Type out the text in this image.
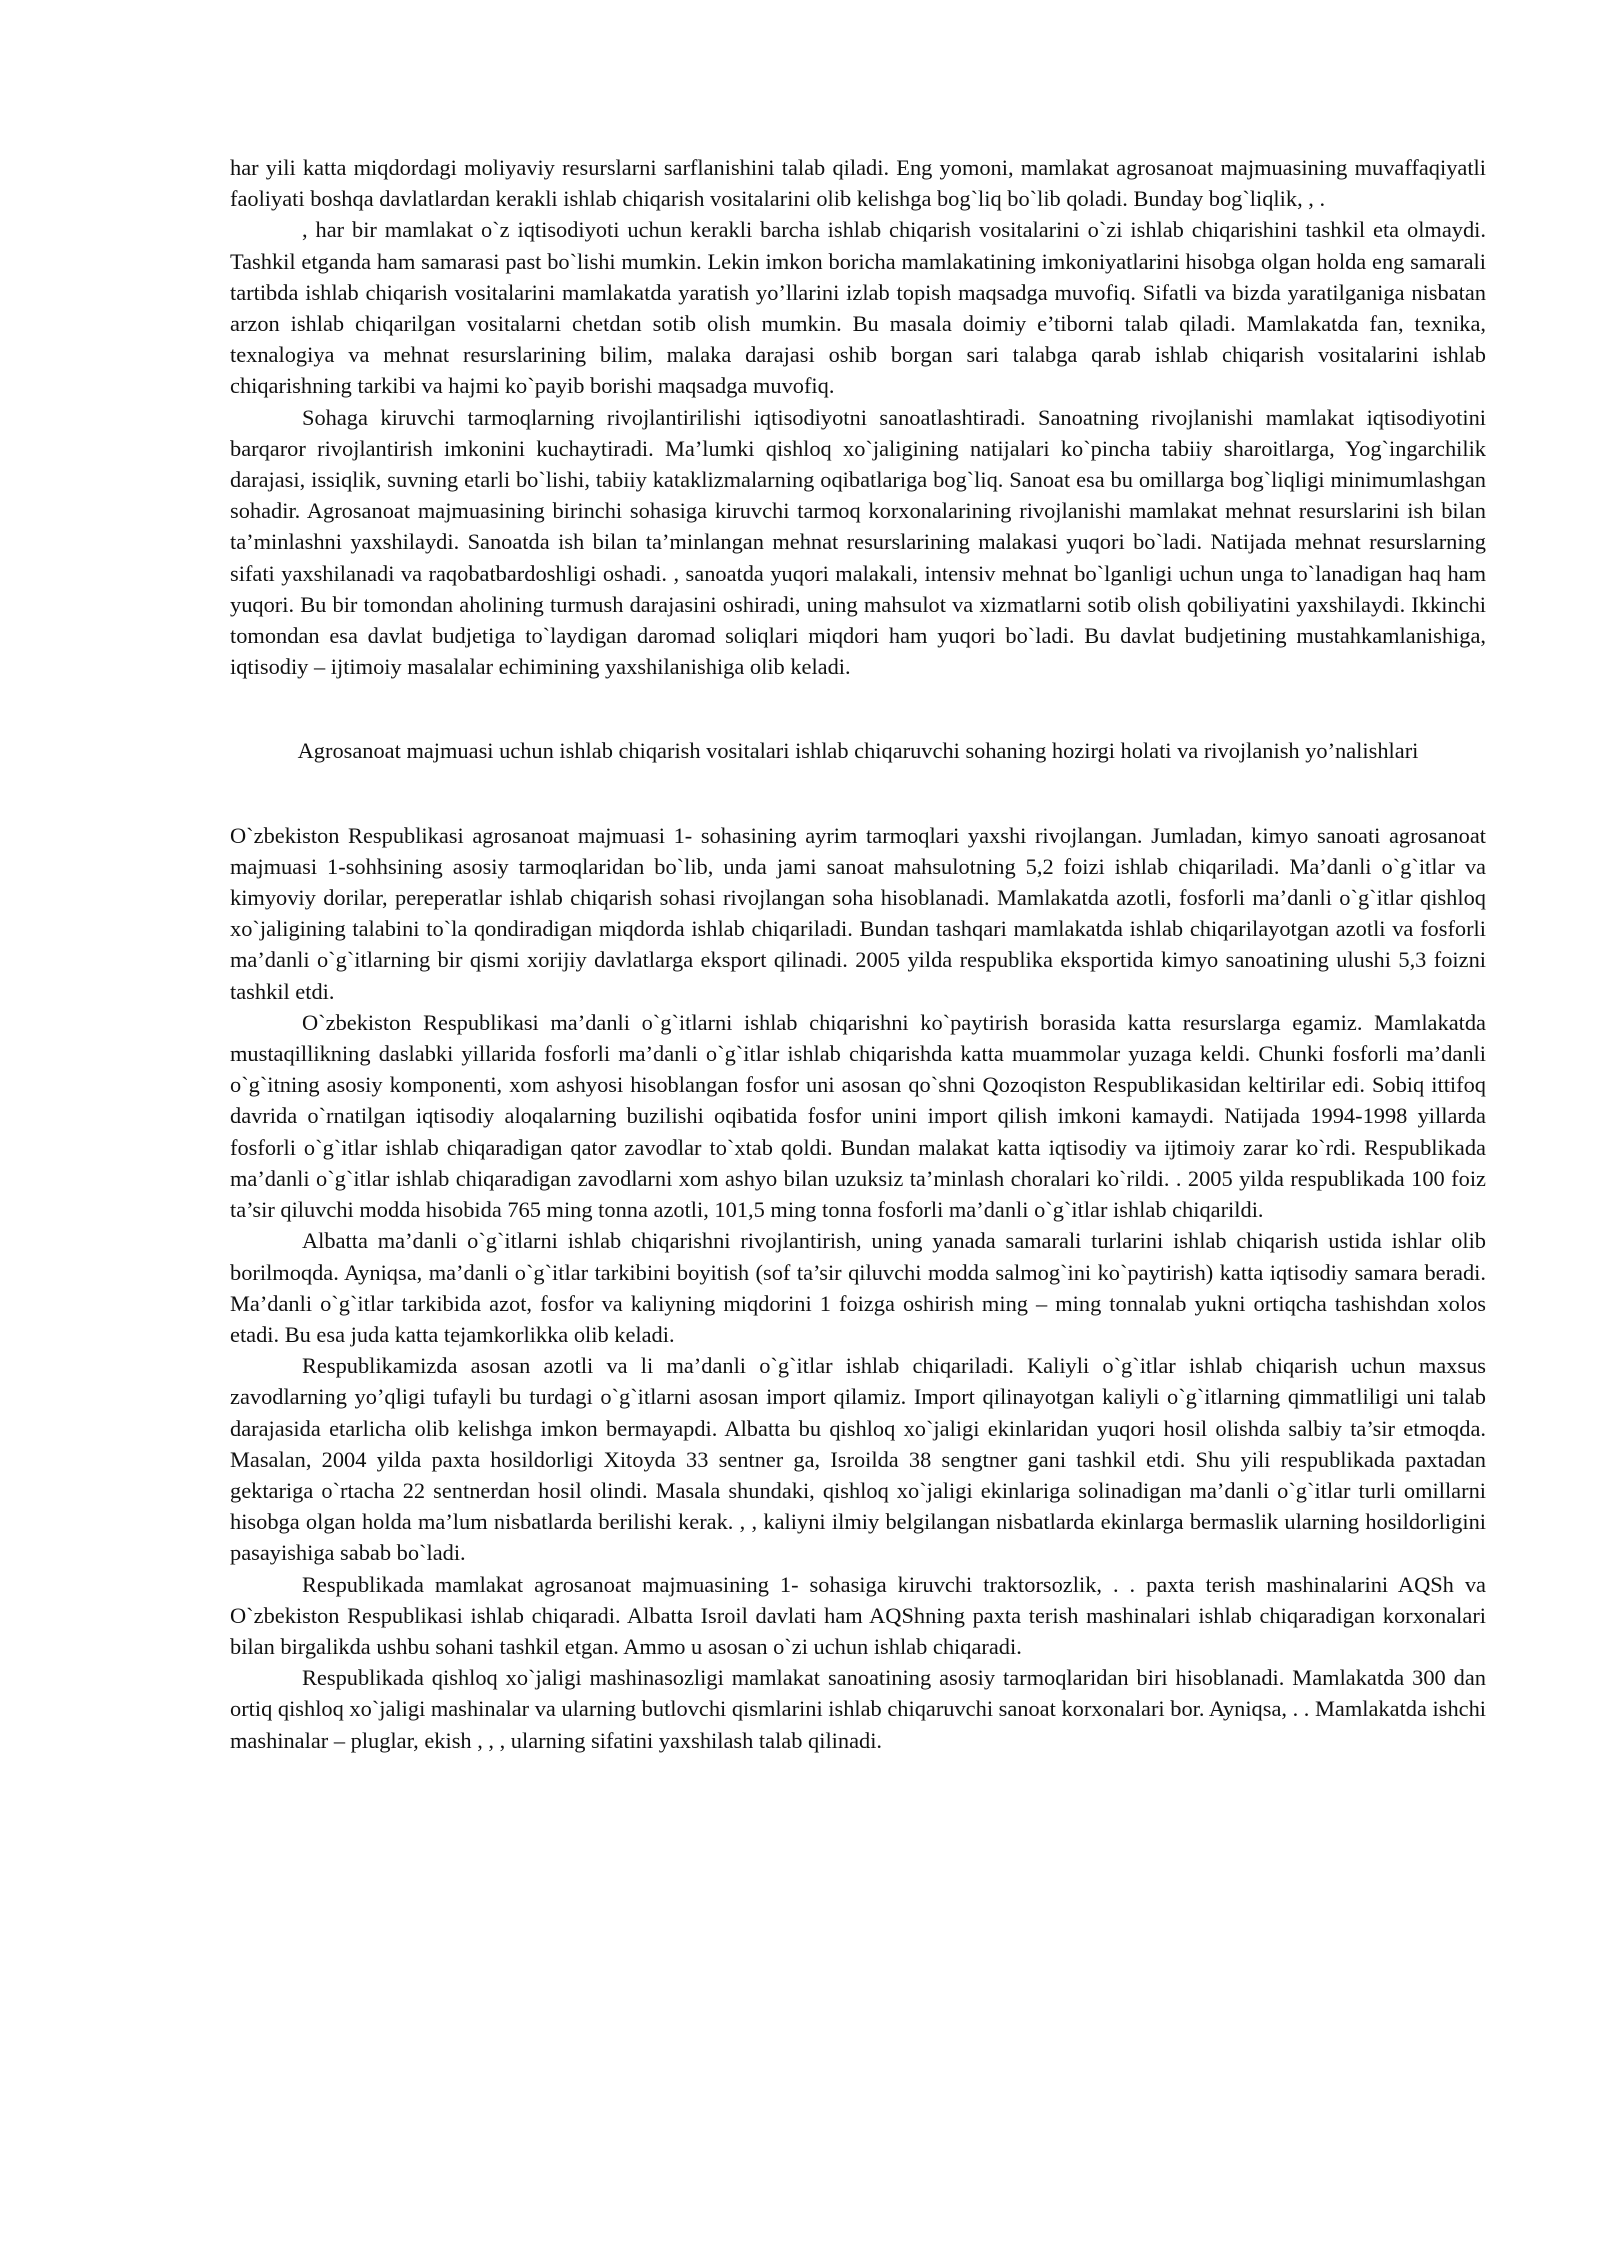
har yili katta miqdordagi moliyaviy resurslarni sarflanishini talab qiladi. Eng yomoni, mamlakat agrosanoat majmuasining muvaffaqiyatli faoliyati boshqa davlatlardan kerakli ishlab chiqarish vositalarini olib kelishga bog`liq bo`lib qoladi. Bunday bog`liqlik, , .

, har bir mamlakat o`z iqtisodiyoti uchun kerakli barcha ishlab chiqarish vositalarini o`zi ishlab chiqarishini tashkil eta olmaydi. Tashkil etganda ham samarasi past bo`lishi mumkin. Lekin imkon boricha mamlakatining imkoniyatlarini hisobga olgan holda eng samarali tartibda ishlab chiqarish vositalarini mamlakatda yaratish yo’llarini izlab topish maqsadga muvofiq. Sifatli va bizda yaratilganiga nisbatan arzon ishlab chiqarilgan vositalarni chetdan sotib olish mumkin. Bu masala doimiy e’tiborni talab qiladi. Mamlakatda fan, texnika, texnalogiya va mehnat resurslarining bilim, malaka darajasi oshib borgan sari talabga qarab ishlab chiqarish vositalarini ishlab chiqarishning tarkibi va hajmi ko`payib borishi maqsadga muvofiq.

Sohaga kiruvchi tarmoqlarning rivojlantirilishi iqtisodiyotni sanoatlashtiradi. Sanoatning rivojlanishi mamlakat iqtisodiyotini barqaror rivojlantirish imkonini kuchaytiradi. Ma’lumki qishloq xo`jaligining natijalari ko`pincha tabiiy sharoitlarga, Yog`ingarchilik darajasi, issiqlik, suvning etarli bo`lishi, tabiiy kataklizmalarning oqibatlariga bog`liq. Sanoat esa bu omillarga bog`liqligi minimumlashgan sohadir. Agrosanoat majmuasining birinchi sohasiga kiruvchi tarmoq korxonalarining rivojlanishi mamlakat mehnat resurslarini ish bilan ta’minlashni yaxshilaydi. Sanoatda ish bilan ta’minlangan mehnat resurslarining malakasi yuqori bo`ladi. Natijada mehnat resurslarning sifati yaxshilanadi va raqobatbardoshligi oshadi. , sanoatda yuqori malakali, intensiv mehnat bo`lganligi uchun unga to`lanadigan haq ham yuqori. Bu bir tomondan aholining turmush darajasini oshiradi, uning mahsulot va xizmatlarni sotib olish qobiliyatini yaxshilaydi. Ikkinchi tomondan esa davlat budjetiga to`laydigan daromad soliqlari miqdori ham yuqori bo`ladi. Bu davlat budjetining mustahkamlanishiga, iqtisodiy – ijtimoiy masalalar echimining yaxshilanishiga olib keladi.

Agrosanoat majmuasi uchun ishlab chiqarish vositalari ishlab chiqaruvchi sohaning hozirgi holati va rivojlanish yo’nalishlari

O`zbekiston Respublikasi agrosanoat majmuasi 1- sohasining ayrim tarmoqlari yaxshi rivojlangan. Jumladan, kimyo sanoati agrosanoat majmuasi 1-sohhsining asosiy tarmoqlaridan bo`lib, unda jami sanoat mahsulotning 5,2 foizi ishlab chiqariladi. Ma’danli o`g`itlar va kimyoviy dorilar, pereperatlar ishlab chiqarish sohasi rivojlangan soha hisoblanadi. Mamlakatda azotli, fosforli ma’danli o`g`itlar qishloq xo`jaligining talabini to`la qondiradigan miqdorda ishlab chiqariladi. Bundan tashqari mamlakatda ishlab chiqarilayotgan azotli va fosforli ma’danli o`g`itlarning bir qismi xorijiy davlatlarga eksport qilinadi. 2005 yilda respublika eksportida kimyo sanoatining ulushi 5,3 foizni tashkil etdi.

O`zbekiston Respublikasi ma’danli o`g`itlarni ishlab chiqarishni ko`paytirish borasida katta resurslarga egamiz. Mamlakatda mustaqillikning daslabki yillarida fosforli ma’danli o`g`itlar ishlab chiqarishda katta muammolar yuzaga keldi. Chunki fosforli ma’danli o`g`itning asosiy komponenti, xom ashyosi hisoblangan fosfor uni asosan qo`shni Qozoqiston Respublikasidan keltirilar edi. Sobiq ittifoq davrida o`rnatilgan iqtisodiy aloqalarning buzilishi oqibatida fosfor unini import qilish imkoni kamaydi. Natijada 1994-1998 yillarda fosforli o`g`itlar ishlab chiqaradigan qator zavodlar to`xtab qoldi. Bundan malakat katta iqtisodiy va ijtimoiy zarar ko`rdi. Respublikada ma’danli o`g`itlar ishlab chiqaradigan zavodlarni xom ashyo bilan uzuksiz ta’minlash choralari ko`rildi. . 2005 yilda respublikada 100 foiz ta’sir qiluvchi modda hisobida 765 ming tonna azotli, 101,5 ming tonna fosforli ma’danli o`g`itlar ishlab chiqarildi.

Albatta ma’danli o`g`itlarni ishlab chiqarishni rivojlantirish, uning yanada samarali turlarini ishlab chiqarish ustida ishlar olib borilmoqda. Ayniqsa, ma’danli o`g`itlar tarkibini boyitish (sof ta’sir qiluvchi modda salmog`ini ko`paytirish) katta iqtisodiy samara beradi. Ma’danli o`g`itlar tarkibida azot, fosfor va kaliyning miqdorini 1 foizga oshirish ming – ming tonnalab yukni ortiqcha tashishdan xolos etadi. Bu esa juda katta tejamkorlikka olib keladi.

Respublikamizda asosan azotli va li ma’danli o`g`itlar ishlab chiqariladi. Kaliyli o`g`itlar ishlab chiqarish uchun maxsus zavodlarning yo’qligi tufayli bu turdagi o`g`itlarni asosan import qilamiz. Import qilinayotgan kaliyli o`g`itlarning qimmatliligi uni talab darajasida etarlicha olib kelishga imkon bermayapdi. Albatta bu qishloq xo`jaligi ekinlaridan yuqori hosil olishda salbiy ta’sir etmoqda. Masalan, 2004 yilda paxta hosildorligi Xitoyda 33 sentner ga, Isroilda 38 sengtner gani tashkil etdi. Shu yili respublikada paxtadan gektariga o`rtacha 22 sentnerdan hosil olindi. Masala shundaki, qishloq xo`jaligi ekinlariga solinadigan ma’danli o`g`itlar turli omillarni hisobga olgan holda ma’lum nisbatlarda berilishi kerak. , , kaliyni ilmiy belgilangan nisbatlarda ekinlarga bermaslik ularning hosildorligini pasayishiga sabab bo`ladi.

Respublikada mamlakat agrosanoat majmuasining 1- sohasiga kiruvchi traktorsozlik, . . paxta terish mashinalarini AQSh va O`zbekiston Respublikasi ishlab chiqaradi. Albatta Isroil davlati ham AQShning paxta terish mashinalari ishlab chiqaradigan korxonalari bilan birgalikda ushbu sohani tashkil etgan. Ammo u asosan o`zi uchun ishlab chiqaradi.

Respublikada qishloq xo`jaligi mashinasozligi mamlakat sanoatining asosiy tarmoqlaridan biri hisoblanadi. Mamlakatda 300 dan ortiq qishloq xo`jaligi mashinalar va ularning butlovchi qismlarini ishlab chiqaruvchi sanoat korxonalari bor. Ayniqsa, . . Mamlakatda ishchi mashinalar – pluglar, ekish , , , ularning sifatini yaxshilash talab qilinadi.
